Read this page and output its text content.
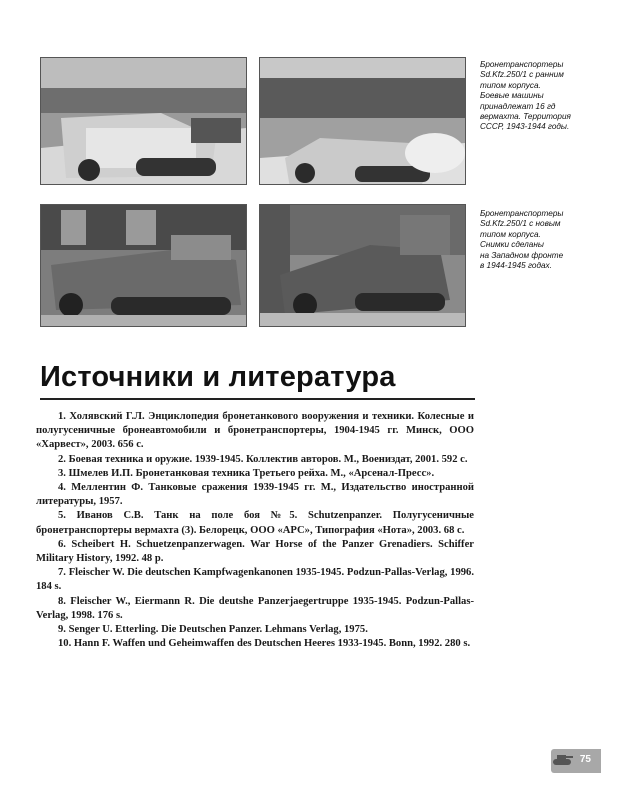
Бронетранспортеры
Sd.Kfz.250/1 с ранним
типом корпуса.
Боевые машины
принадлежат 16 гд
вермахта. Территория
СССР, 1943-1944 годы.
Бронетранспортеры
Sd.Kfz.250/1 с новым
типом корпуса.
Снимки сделаны
на Западном фронте
в 1944-1945 годах.
Источники и литература
1. Холявский Г.Л. Энциклопедия бронетанкового вооружения и техники. Колесные и полугусеничные бронеавтомобили и бронетранспортеры, 1904-1945 гг. Минск, ООО «Харвест», 2003. 656 с.
2. Боевая техника и оружие. 1939-1945. Коллектив авторов. М., Воениздат, 2001. 592 с.
3. Шмелев И.П. Бронетанковая техника Третьего рейха. М., «Арсенал-Пресс».
4. Меллентин Ф. Танковые сражения 1939-1945 гг. М., Издательство иностранной литературы, 1957.
5. Иванов С.В. Танк на поле боя №5. Schutzenpanzer. Полугусеничные бронетранспортеры вермахта (3). Белорецк, ООО «АРС», Типография «Нота», 2003. 68 с.
6. Scheibert H. Schuetzenpanzerwagen. War Horse of the Panzer Grenadiers. Schiffer Military History, 1992. 48 p.
7. Fleischer W. Die deutschen Kampfwagenkanonen 1935-1945. Podzun-Pallas-Verlag, 1996. 184 s.
8. Fleischer W., Eiermann R. Die deutshe Panzerjaegertruppe 1935-1945. Podzun-Pallas-Verlag, 1998. 176 s.
9. Senger U. Etterling. Die Deutschen Panzer. Lehmans Verlag, 1975.
10. Hann F. Waffen und Geheimwaffen des Deutschen Heeres 1933-1945. Bonn, 1992. 280 s.
75
